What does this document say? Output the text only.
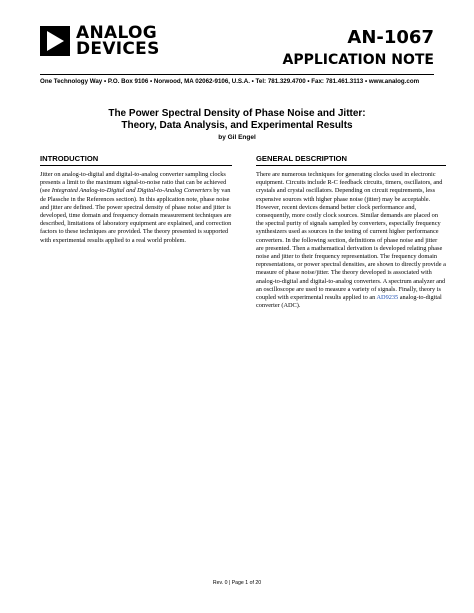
ANALOG
DEVICES
AN-1067
APPLICATION NOTE
One Technology Way • P.O. Box 9106 • Norwood, MA 02062-9106, U.S.A. • Tel: 781.329.4700 • Fax: 781.461.3113 • www.analog.com
The Power Spectral Density of Phase Noise and Jitter:
Theory, Data Analysis, and Experimental Results
by Gil Engel
INTRODUCTION

Jitter on analog-to-digital and digital-to-analog converter sampling clocks presents a limit to the maximum signal-to-noise ratio that can be achieved (see Integrated Analog-to-Digital and Digital-to-Analog Converters by van de Plassche in the References section). In this application note, phase noise and jitter are defined. The power spectral density of phase noise and jitter is developed, time domain and frequency domain measurement techniques are described, limitations of laboratory equipment are explained, and correction factors to these techniques are provided. The theory presented is supported with experimental results applied to a real world problem.

GENERAL DESCRIPTION

There are numerous techniques for generating clocks used in electronic equipment. Circuits include R-C feedback circuits, timers, oscillators, and crystals and crystal oscillators. Depending on circuit requirements, less expensive sources with higher phase noise (jitter) may be acceptable. However, recent devices demand better clock performance and, consequently, more costly clock sources. Similar demands are placed on the spectral purity of signals sampled by converters, especially frequency synthesizers used as sources in the testing of current higher performance converters. In the following section, definitions of phase noise and jitter are presented. Then a mathematical derivation is developed relating phase noise and jitter to their frequency representation. The frequency domain representations, or power spectral densities, are shown to directly provide a measure of phase noise/jitter. The theory developed is associated with analog-to-digital and digital-to-analog converters. A spectrum analyzer and an oscilloscope are used to measure a variety of signals. Finally, theory is coupled with experimental results applied to an AD9235 analog-to-digital converter (ADC).

Rev. 0 | Page 1 of 20
